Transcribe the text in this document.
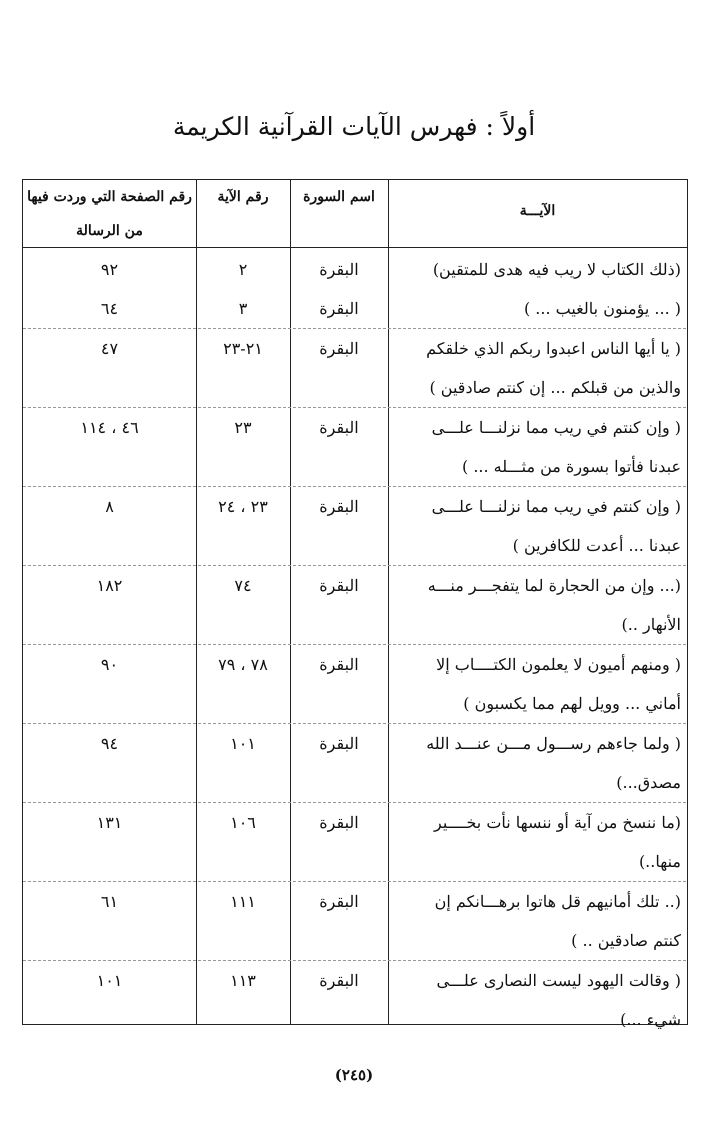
أولاً : فهرس الآيات القرآنية الكريمة
الآيـــة
اسم السورة
رقم الآية
رقم الصفحة التي وردت فيها من الرسالة
(ذلك الكتاب لا ريب فيه هدى للمتقين)
( ... يؤمنون بالغيب ... )
البقرة
البقرة
٢
٣
٩٢
٦٤
( يا أيها الناس اعبدوا ربكم الذي خلقكم
والذين من قبلكم ... إن كنتم صادقين )
البقرة
٢١-٢٣
٤٧
( وإن كنتم في ريب مما نزلنـــا علـــى
عبدنا فأتوا بسورة من مثـــله ... )
البقرة
٢٣
٤٦ ، ١١٤
( وإن كنتم في ريب مما نزلنـــا علـــى
عبدنا ... أعدت للكافرين )
البقرة
٢٣ ، ٢٤
٨
(... وإن من الحجارة لما يتفجـــر منـــه
الأنهار ..)
البقرة
٧٤
١٨٢
( ومنهم أميون لا يعلمون الكتــــاب إلا
أماني ... وويل لهم مما يكسبون )
البقرة
٧٨ ، ٧٩
٩٠
( ولما جاءهم رســـول مـــن عنـــد الله
مصدق...)
البقرة
١٠١
٩٤
(ما ننسخ من آية أو ننسها نأت بخــــير
منها..)
البقرة
١٠٦
١٣١
(.. تلك أمانيهم قل هاتوا برهـــانكم إن
كنتم صادقين .. )
البقرة
١١١
٦١
( وقالت اليهود ليست النصارى علـــى
شيء ...)
البقرة
١١٣
١٠١
(٢٤٥)
